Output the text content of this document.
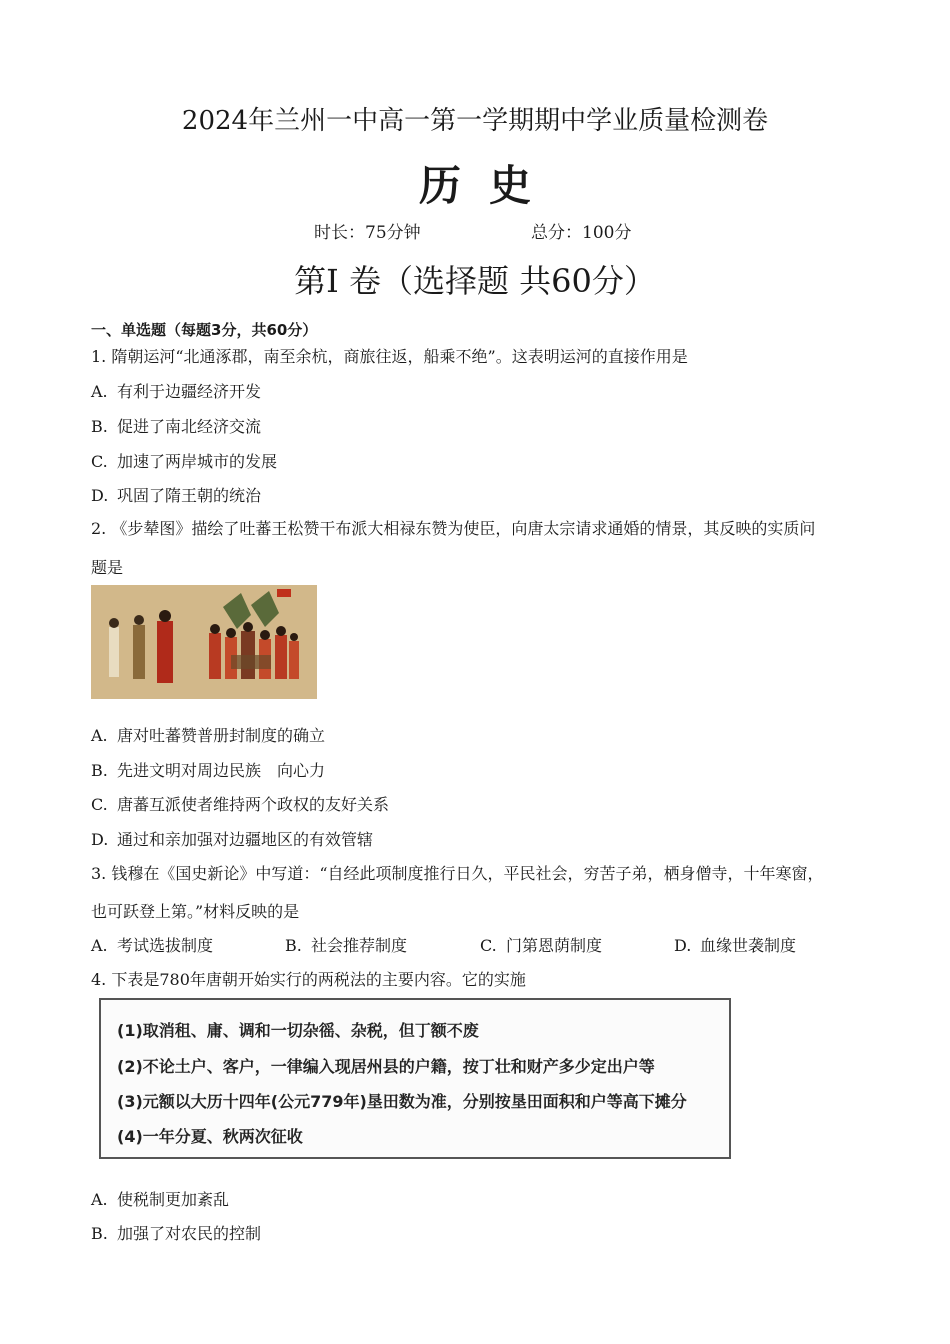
2024年兰州一中高一第一学期期中学业质量检测卷
历史
时长：75分钟	总分：100分
第I 卷（选择题 共60分）
一、单选题（每题3分，共60分）
1. 隋朝运河“北通涿郡，南至余杭，商旅往返，船乘不绝”。这表明运河的直接作用是
A. 有利于边疆经济开发
B. 促进了南北经济交流
C. 加速了两岸城市的发展
D. 巩固了隋王朝的统治
2. 《步辇图》描绘了吐蕃王松赞干布派大相禄东赞为使臣，向唐太宗请求通婚的情景，其反映的实质问
题是
A. 唐对吐蕃赞普册封制度的确立
B. 先进文明对周边民族　向心力
C. 唐蕃互派使者维持两个政权的友好关系
D. 通过和亲加强对边疆地区的有效管辖
3. 钱穆在《国史新论》中写道：“自经此项制度推行日久，平民社会，穷苦子弟，栖身僧寺，十年寒窗，
也可跃登上第。”材料反映的是
A. 考试选拔制度	B. 社会推荐制度	C. 门第恩荫制度	D. 血缘世袭制度
4. 下表是780年唐朝开始实行的两税法的主要内容。它的实施
(1)取消租、庸、调和一切杂徭、杂税，但丁额不废
(2)不论土户、客户，一律编入现居州县的户籍，按丁壮和财产多少定出户等
(3)元额以大历十四年(公元779年)垦田数为准，分别按垦田面积和户等高下摊分
(4)一年分夏、秋两次征收
A. 使税制更加紊乱
B. 加强了对农民的控制
